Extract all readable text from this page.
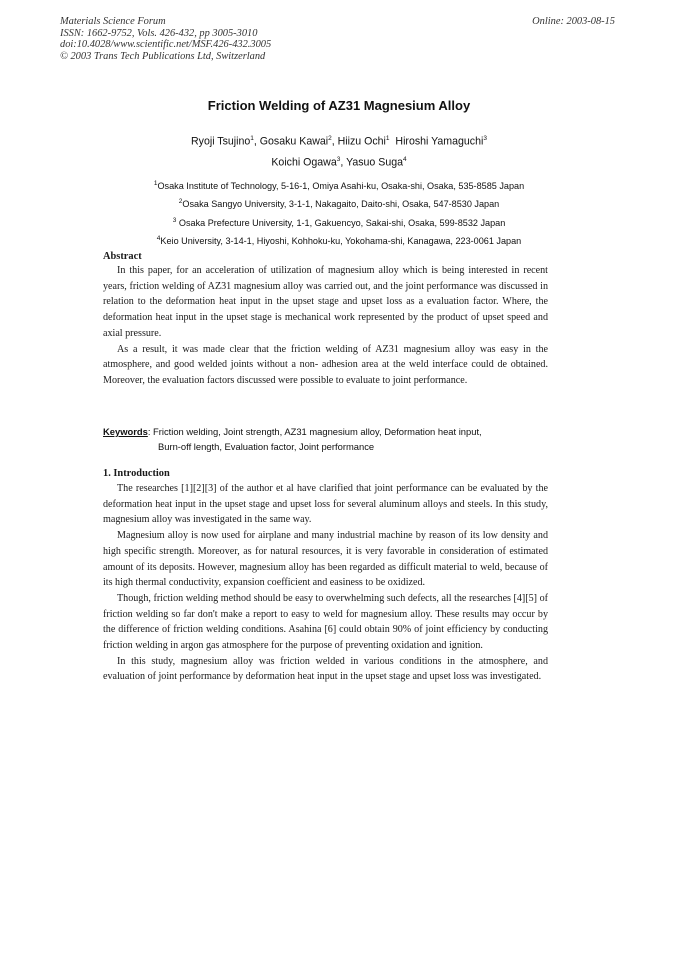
Materials Science Forum
ISSN: 1662-9752, Vols. 426-432, pp 3005-3010
doi:10.4028/www.scientific.net/MSF.426-432.3005
© 2003 Trans Tech Publications Ltd, Switzerland
Online: 2003-08-15
Friction Welding of AZ31 Magnesium Alloy
Ryoji Tsujino$^1$, Gosaku Kawai$^2$, Hiizu Ochi$^1$ Hiroshi Yamaguchi$^3$
Koichi Ogawa$^3$, Yasuo Suga$^4$
$^1$Osaka Institute of Technology, 5-16-1, Omiya Asahi-ku, Osaka-shi, Osaka, 535-8585 Japan
$^2$Osaka Sangyo University, 3-1-1, Nakagaito, Daito-shi, Osaka, 547-8530 Japan
$^3$ Osaka Prefecture University, 1-1, Gakuencyo, Sakai-shi, Osaka, 599-8532 Japan
$^4$Keio University, 3-14-1, Hiyoshi, Kohhoku-ku, Yokohama-shi, Kanagawa, 223-0061 Japan
Abstract

In this paper, for an acceleration of utilization of magnesium alloy which is being interested in recent years, friction welding of AZ31 magnesium alloy was carried out, and the joint performance was discussed in relation to the deformation heat input in the upset stage and upset loss as a evaluation factor. Where, the deformation heat input in the upset stage is mechanical work represented by the product of upset speed and axial pressure.

As a result, it was made clear that the friction welding of AZ31 magnesium alloy was easy in the atmosphere, and good welded joints without a non- adhesion area at the weld interface could de obtained. Moreover, the evaluation factors discussed were possible to evaluate to joint performance.

Keywords: Friction welding, Joint strength, AZ31 magnesium alloy, Deformation heat input,
Burn-off length, Evaluation factor, Joint performance
1. Introduction

The researches [1][2][3] of the author et al have clarified that joint performance can be evaluated by the deformation heat input in the upset stage and upset loss for several aluminum alloys and steels. In this study, magnesium alloy was investigated in the same way.

Magnesium alloy is now used for airplane and many industrial machine by reason of its low density and high specific strength. Moreover, as for natural resources, it is very favorable in consideration of estimated amount of its deposits. However, magnesium alloy has been regarded as difficult material to weld, because of its high thermal conductivity, expansion coefficient and easiness to be oxidized.

Though, friction welding method should be easy to overwhelming such defects, all the researches [4][5] of friction welding so far don't make a report to easy to weld for magnesium alloy. These results may occur by the difference of friction welding conditions. Asahina [6] could obtain 90% of joint efficiency by conducting friction welding in argon gas atmosphere for the purpose of preventing oxidation and ignition.

In this study, magnesium alloy was friction welded in various conditions in the atmosphere, and evaluation of joint performance by deformation heat input in the upset stage and upset loss was investigated.
